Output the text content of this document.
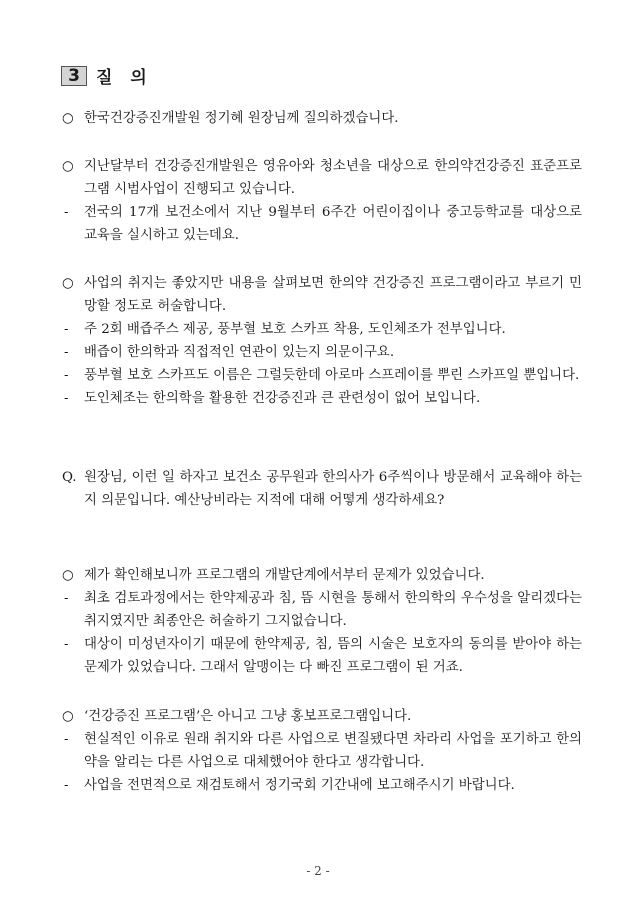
3 질 의
○ 한국건강증진개발원 정기혜 원장님께 질의하겠습니다.
○ 지난달부터 건강증진개발원은 영유아와 청소년을 대상으로 한의약건강증진 표준프로그램 시범사업이 진행되고 있습니다.
-	전국의 17개 보건소에서 지난 9월부터 6주간 어린이집이나 중고등학교를 대상으로 교육을 실시하고 있는데요.
○ 사업의 취지는 좋았지만 내용을 살펴보면 한의약 건강증진 프로그램이라고 부르기 민망할 정도로 허술합니다.
-	주 2회 배즙주스 제공, 풍부혈 보호 스카프 착용, 도인체조가 전부입니다.
-	배즙이 한의학과 직접적인 연관이 있는지 의문이구요.
-	풍부혈 보호 스카프도 이름은 그럴듯한데 아로마 스프레이를 뿌린 스카프일 뿐입니다.
-	도인체조는 한의학을 활용한 건강증진과 큰 관련성이 없어 보입니다.
Q. 원장님, 이런 일 하자고 보건소 공무원과 한의사가 6주씩이나 방문해서 교육해야 하는지 의문입니다. 예산낭비라는 지적에 대해 어떻게 생각하세요?
○ 제가 확인해보니까 프로그램의 개발단계에서부터 문제가 있었습니다.
-	최초 검토과정에서는 한약제공과 침, 뜸 시현을 통해서 한의학의 우수성을 알리겠다는 취지였지만 최종안은 허술하기 그지없습니다.
-	대상이 미성년자이기 때문에 한약제공, 침, 뜸의 시술은 보호자의 동의를 받아야 하는 문제가 있었습니다. 그래서 알맹이는 다 빠진 프로그램이 된 거죠.
○ ‘건강증진 프로그램’은 아니고 그냥 홍보프로그램입니다.
-	현실적인 이유로 원래 취지와 다른 사업으로 변질됐다면 차라리 사업을 포기하고 한의약을 알리는 다른 사업으로 대체했어야 한다고 생각합니다.
-	사업을 전면적으로 재검토해서 정기국회 기간내에 보고해주시기 바랍니다.
- 2 -
